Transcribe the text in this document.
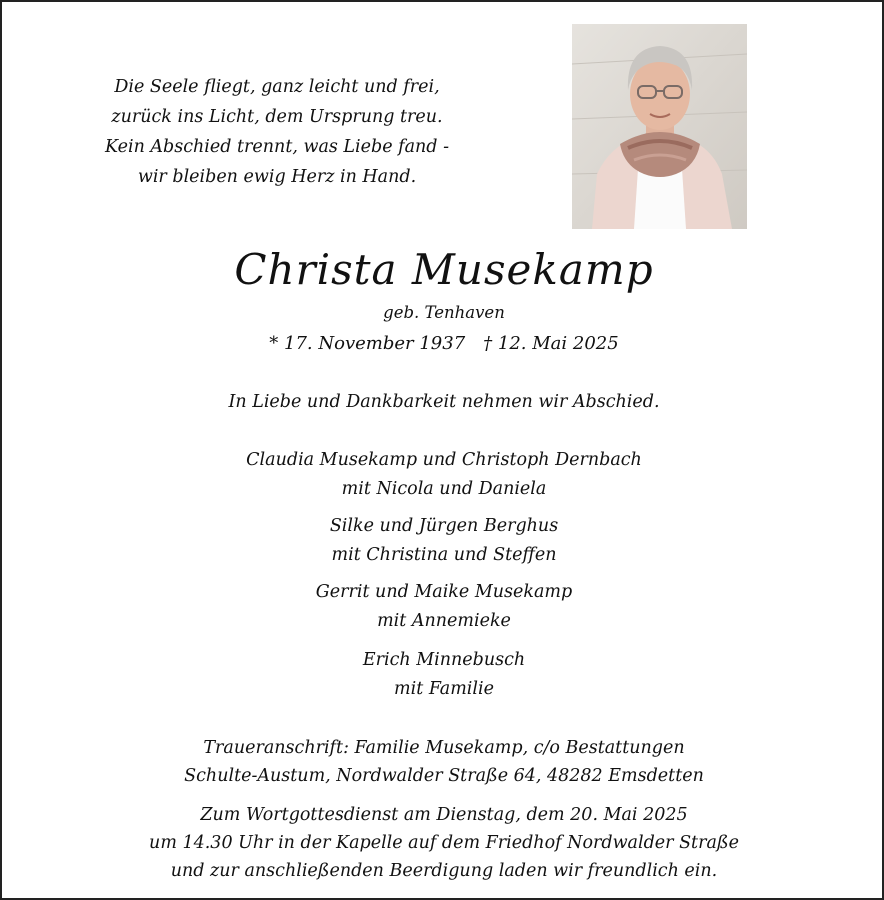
Die Seele fliegt, ganz leicht und frei,
zurück ins Licht, dem Ursprung treu.
Kein Abschied trennt, was Liebe fand -
wir bleiben ewig Herz in Hand.
Christa Musekamp
geb. Tenhaven
* 17. November 1937 † 12. Mai 2025
In Liebe und Dankbarkeit nehmen wir Abschied.
Claudia Musekamp und Christoph Dernbach
mit Nicola und Daniela
Silke und Jürgen Berghus
mit Christina und Steffen
Gerrit und Maike Musekamp
mit Annemieke
Erich Minnebusch
mit Familie
Traueranschrift: Familie Musekamp, c/o Bestattungen
Schulte-Austum, Nordwalder Straße 64, 48282 Emsdetten
Zum Wortgottesdienst am Dienstag, dem 20. Mai 2025
um 14.30 Uhr in der Kapelle auf dem Friedhof Nordwalder Straße
und zur anschließenden Beerdigung laden wir freundlich ein.
